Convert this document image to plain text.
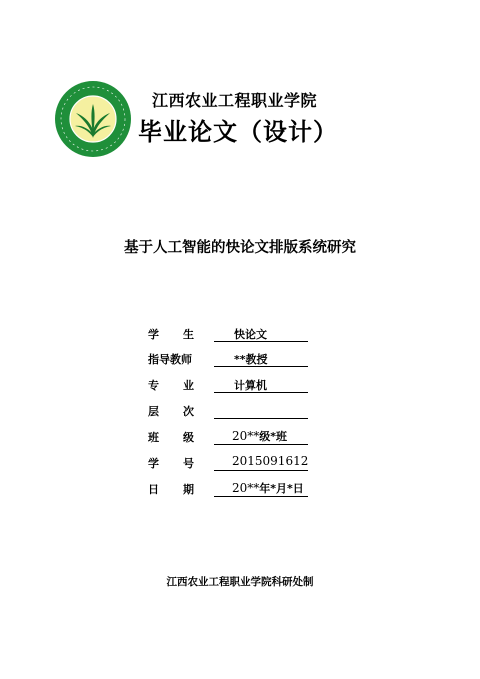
江西农业工程职业学院
毕业论文（设计）
基于人工智能的快论文排版系统研究
学 生	快论文
指导教师	**教授
专 业	计算机
层 次
班 级	20**级*班
学 号	2015091612
日 期	20**年*月*日
江西农业工程职业学院科研处制
